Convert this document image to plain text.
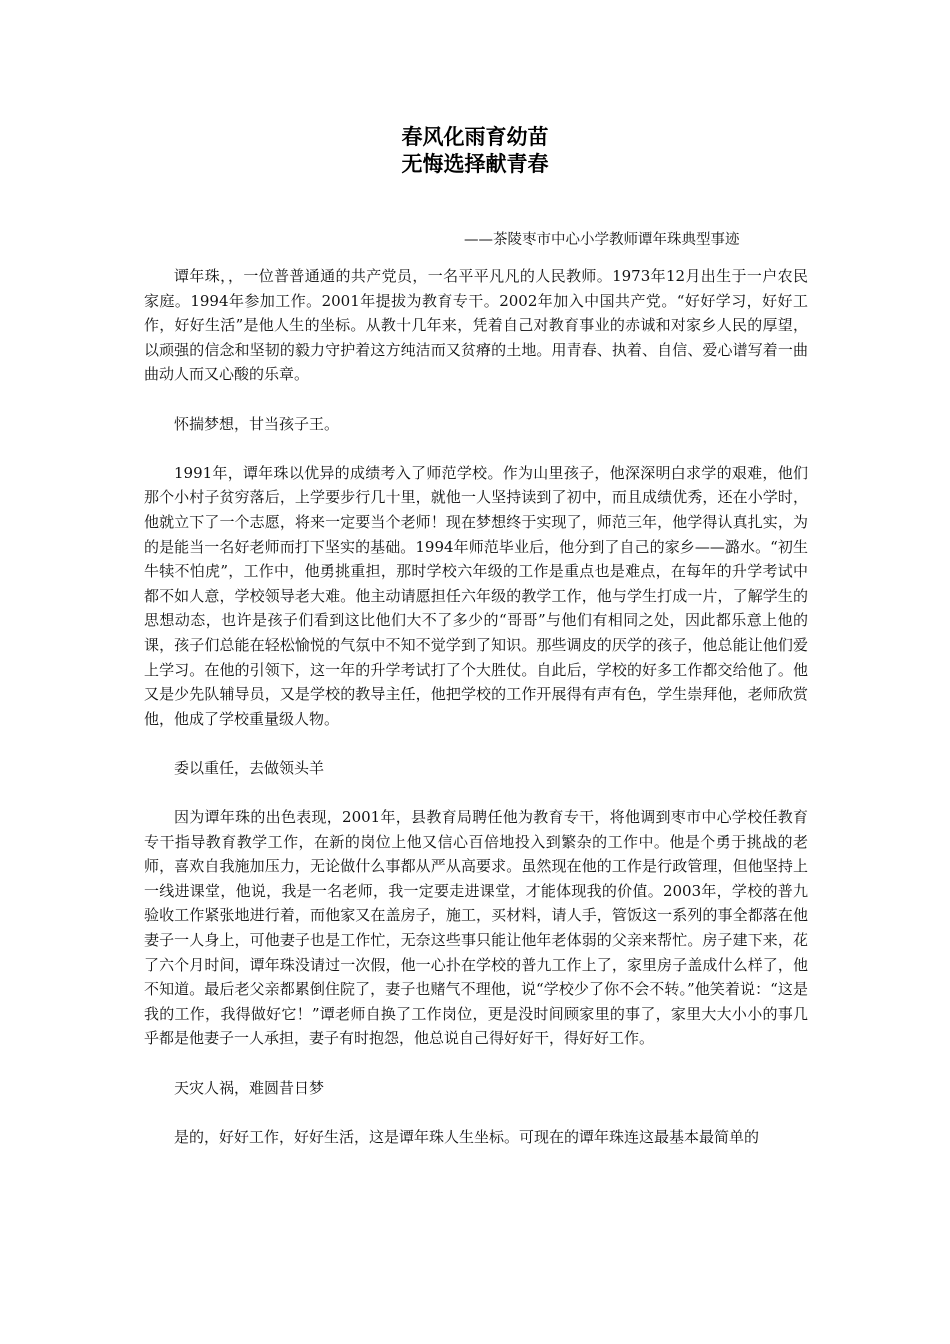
春风化雨育幼苗
无悔选择献青春
——茶陵枣市中心小学教师谭年珠典型事迹

谭年珠，，一位普普通通的共产党员，一名平平凡凡的人民教师。1973年12月出生于一户农民家庭。1994年参加工作。2001年提拔为教育专干。2002年加入中国共产党。“好好学习，好好工作，好好生活”是他人生的坐标。从教十几年来，凭着自己对教育事业的赤诚和对家乡人民的厚望，以顽强的信念和坚韧的毅力守护着这方纯洁而又贫瘠的土地。用青春、执着、自信、爱心谱写着一曲曲动人而又心酸的乐章。

怀揣梦想，甘当孩子王。

1991年，谭年珠以优异的成绩考入了师范学校。作为山里孩子，他深深明白求学的艰难，他们那个小村子贫穷落后，上学要步行几十里，就他一人坚持读到了初中，而且成绩优秀，还在小学时，他就立下了一个志愿，将来一定要当个老师！现在梦想终于实现了，师范三年，他学得认真扎实，为的是能当一名好老师而打下坚实的基础。1994年师范毕业后，他分到了自己的家乡——潞水。“初生牛犊不怕虎”，工作中，他勇挑重担，那时学校六年级的工作是重点也是难点，在每年的升学考试中都不如人意，学校领导老大难。他主动请愿担任六年级的教学工作，他与学生打成一片，了解学生的思想动态，也许是孩子们看到这比他们大不了多少的“哥哥”与他们有相同之处，因此都乐意上他的课，孩子们总能在轻松愉悦的气氛中不知不觉学到了知识。那些调皮的厌学的孩子，他总能让他们爱上学习。在他的引领下，这一年的升学考试打了个大胜仗。自此后，学校的好多工作都交给他了。他又是少先队辅导员，又是学校的教导主任，他把学校的工作开展得有声有色，学生崇拜他，老师欣赏他，他成了学校重量级人物。

委以重任，去做领头羊

因为谭年珠的出色表现，2001年，县教育局聘任他为教育专干，将他调到枣市中心学校任教育专干指导教育教学工作，在新的岗位上他又信心百倍地投入到繁杂的工作中。他是个勇于挑战的老师，喜欢自我施加压力，无论做什么事都从严从高要求。虽然现在他的工作是行政管理，但他坚持上一线进课堂，他说，我是一名老师，我一定要走进课堂，才能体现我的价值。2003年，学校的普九验收工作紧张地进行着，而他家又在盖房子，施工，买材料，请人手，管饭这一系列的事全都落在他妻子一人身上，可他妻子也是工作忙，无奈这些事只能让他年老体弱的父亲来帮忙。房子建下来，花了六个月时间，谭年珠没请过一次假，他一心扑在学校的普九工作上了，家里房子盖成什么样了，他不知道。最后老父亲都累倒住院了，妻子也赌气不理他，说“学校少了你不会不转。”他笑着说：“这是我的工作，我得做好它！”谭老师自换了工作岗位，更是没时间顾家里的事了，家里大大小小的事几乎都是他妻子一人承担，妻子有时抱怨，他总说自己得好好干，得好好工作。

天灾人祸，难圆昔日梦

是的，好好工作，好好生活，这是谭年珠人生坐标。可现在的谭年珠连这最基本最简单的
